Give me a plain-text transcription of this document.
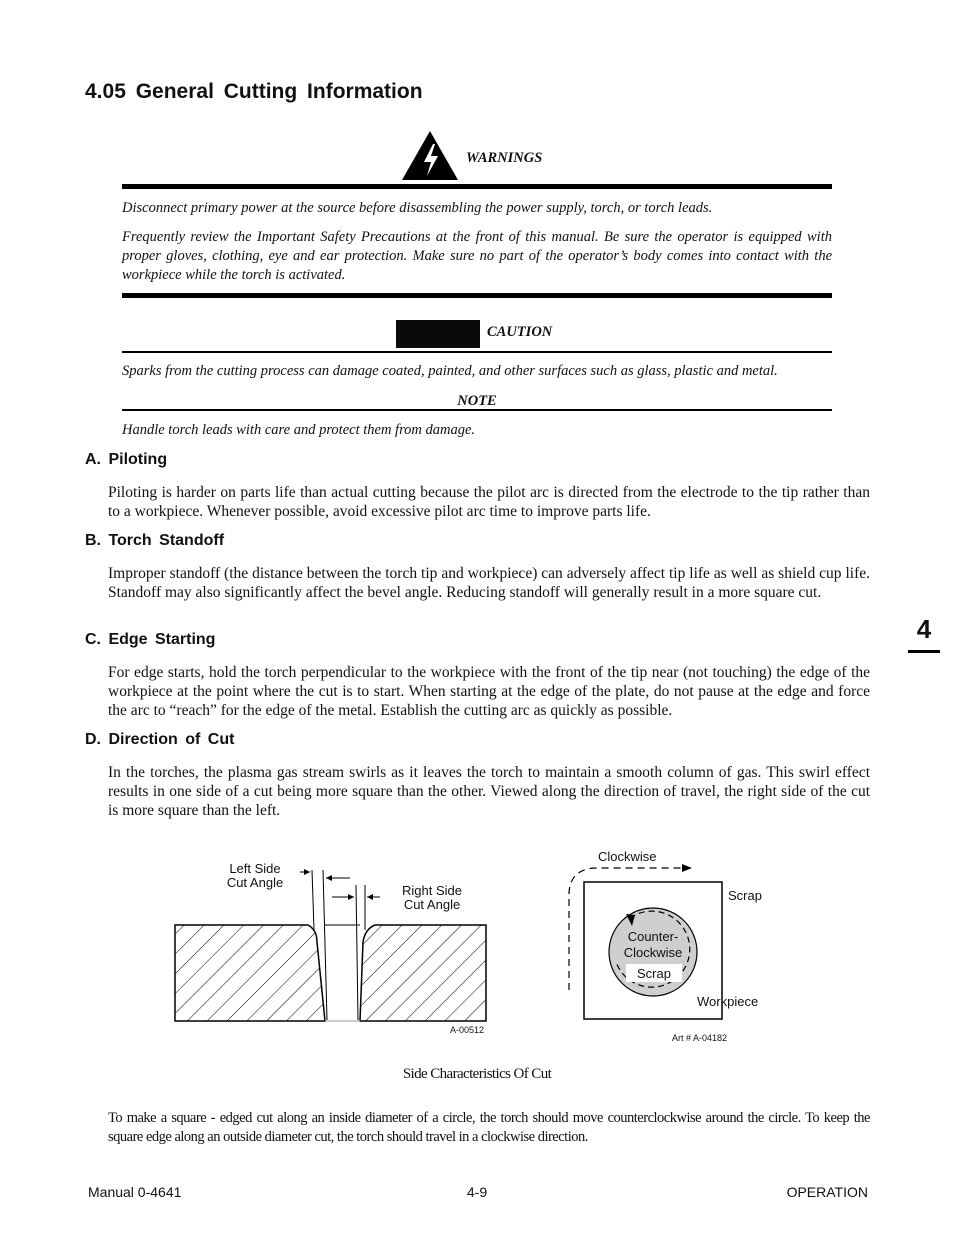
4.05 General Cutting Information
WARNINGS
Disconnect primary power at the source before disassembling the power supply, torch, or torch leads.
Frequently review the Important Safety Precautions at the front of this manual. Be sure the operator is equipped with proper gloves, clothing, eye and ear protection. Make sure no part of the operator’s body comes into contact with the workpiece while the torch is activated.
CAUTION
Sparks from the cutting process can damage coated, painted, and other surfaces such as glass, plastic and metal.
NOTE
Handle torch leads with care and protect them from damage.
A. Piloting
Piloting is harder on parts life than actual cutting because the pilot arc is directed from the electrode to the tip rather than to a workpiece. Whenever possible, avoid excessive pilot arc time to improve parts life.
B. Torch Standoff
Improper standoff (the distance between the torch tip and workpiece) can adversely affect tip life as well as shield cup life. Standoff may also significantly affect the bevel angle. Reducing standoff will generally result in a more square cut.
C. Edge Starting
For edge starts, hold the torch perpendicular to the workpiece with the front of the tip near (not touching) the edge of the workpiece at the point where the cut is to start. When starting at the edge of the plate, do not pause at the edge and force the arc to “reach” for the edge of the metal. Establish the cutting arc as quickly as possible.
D. Direction of Cut
In the torches, the plasma gas stream swirls as it leaves the torch to maintain a smooth column of gas. This swirl effect results in one side of a cut being more square than the other. Viewed along the direction of travel, the right side of the cut is more square than the left.
4
Left Side
Cut Angle
Right Side
Cut Angle
A-00512
Clockwise
Scrap
Counter-
Clockwise
Scrap
Workpiece
Art # A-04182
Side Characteristics Of Cut
To make a square - edged cut along an inside diameter of a circle, the torch should move counterclockwise around the circle. To keep the square edge along an outside diameter cut, the torch should travel in a clockwise direction.
Manual 0-4641	4-9	OPERATION
